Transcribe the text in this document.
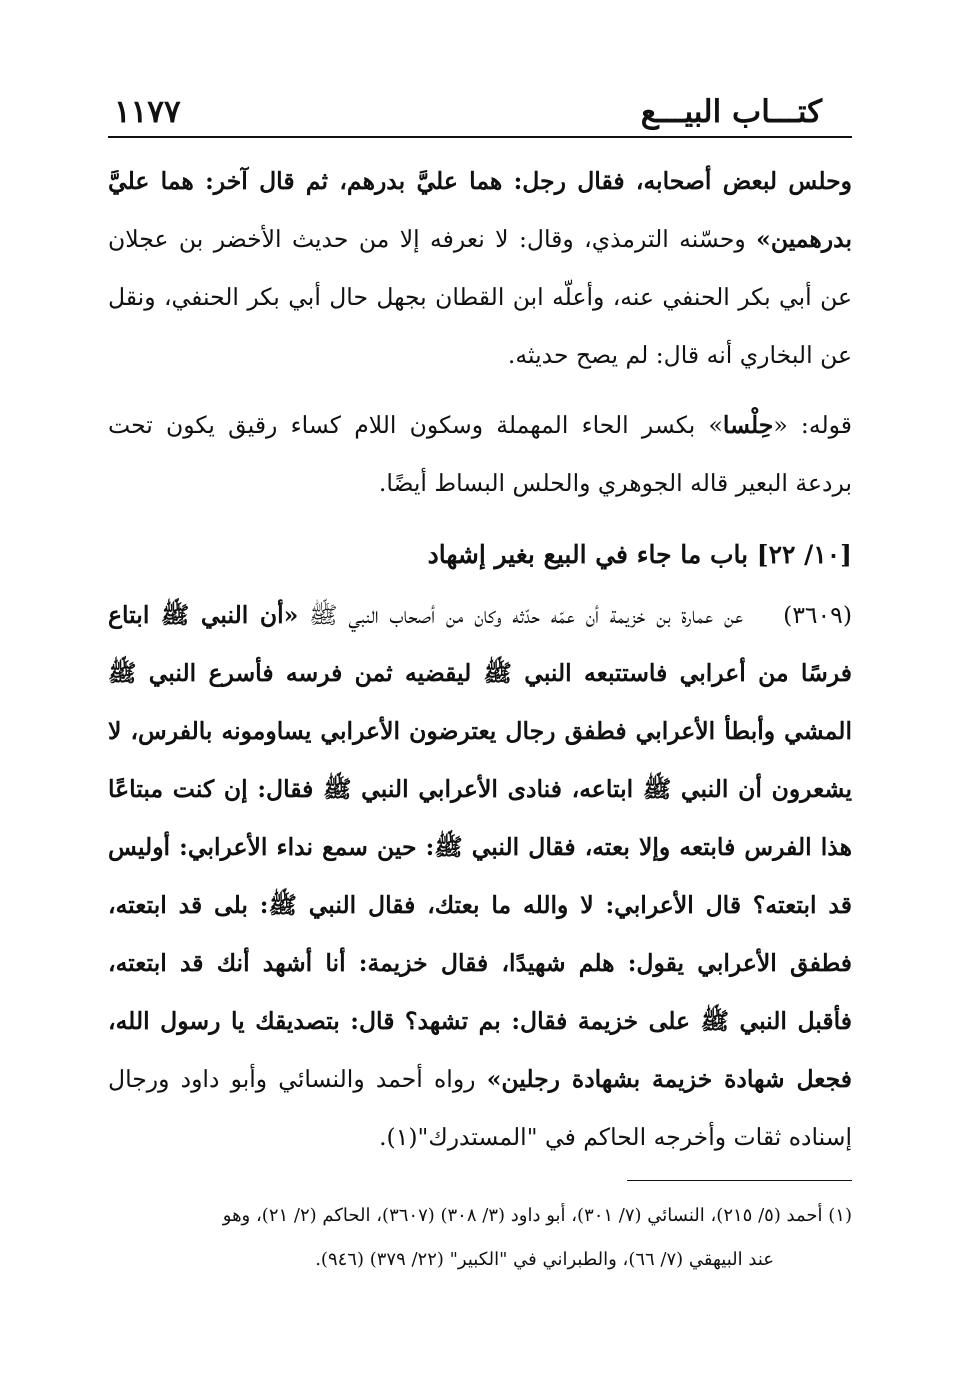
كتـــاب البيـــع
١١٧٧

وحلس لبعض أصحابه، فقال رجل: هما عليَّ بدرهم، ثم قال آخر: هما عليَّ بدرهمين» وحسّنه الترمذي، وقال: لا نعرفه إلا من حديث الأخضر بن عجلان عن أبي بكر الحنفي عنه، وأعلّه ابن القطان بجهل حال أبي بكر الحنفي، ونقل عن البخاري أنه قال: لم يصح حديثه.

قوله: «حِلْسا» بكسر الحاء المهملة وسكون اللام كساء رقيق يكون تحت بردعة البعير قاله الجوهري والحلس البساط أيضًا.

[١٠/ ٢٢] باب ما جاء في البيع بغير إشهاد

(٣٦٠٩)عن عمارة بن خزيمة أن عمّه حدّثه وكان من أصحاب النبي ﷺ «أن النبي ﷺ ابتاع فرسًا من أعرابي فاستتبعه النبي ﷺ ليقضيه ثمن فرسه فأسرع النبي ﷺ المشي وأبطأ الأعرابي فطفق رجال يعترضون الأعرابي يساومونه بالفرس، لا يشعرون أن النبي ﷺ ابتاعه، فنادى الأعرابي النبي ﷺ فقال: إن كنت مبتاعًا هذا الفرس فابتعه وإلا بعته، فقال النبي ﷺ: حين سمع نداء الأعرابي: أوليس قد ابتعته؟ قال الأعرابي: لا والله ما بعتك، فقال النبي ﷺ: بلى قد ابتعته، فطفق الأعرابي يقول: هلم شهيدًا، فقال خزيمة: أنا أشهد أنك قد ابتعته، فأقبل النبي ﷺ على خزيمة فقال: بم تشهد؟ قال: بتصديقك يا رسول الله، فجعل شهادة خزيمة بشهادة رجلين» رواه أحمد والنسائي وأبو داود ورجال إسناده ثقات وأخرجه الحاكم في "المستدرك"(١).

(١) أحمد (٥/ ٢١٥)، النسائي (٧/ ٣٠١)، أبو داود (٣/ ٣٠٨) (٣٦٠٧)، الحاكم (٢/ ٢١)، وهو

عند البيهقي (٧/ ٦٦)، والطبراني في "الكبير" (٢٢/ ٣٧٩) (٩٤٦).
